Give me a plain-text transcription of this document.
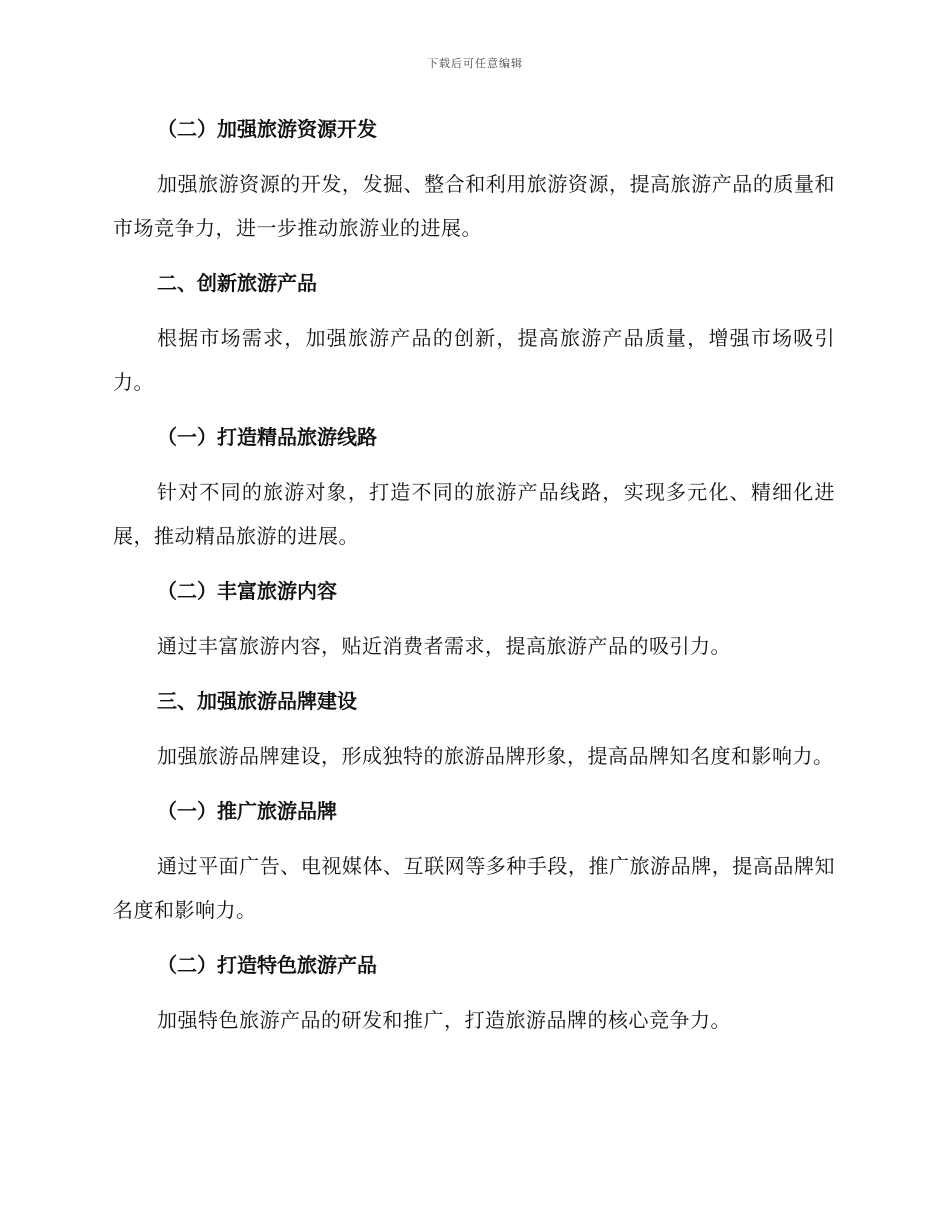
下载后可任意编辑
（二）加强旅游资源开发
加强旅游资源的开发，发掘、整合和利用旅游资源，提高旅游产品的质量和市场竞争力，进一步推动旅游业的进展。
二、创新旅游产品
根据市场需求，加强旅游产品的创新，提高旅游产品质量，增强市场吸引力。
（一）打造精品旅游线路
针对不同的旅游对象，打造不同的旅游产品线路，实现多元化、精细化进展，推动精品旅游的进展。
（二）丰富旅游内容
通过丰富旅游内容，贴近消费者需求，提高旅游产品的吸引力。
三、加强旅游品牌建设
加强旅游品牌建设，形成独特的旅游品牌形象，提高品牌知名度和影响力。
（一）推广旅游品牌
通过平面广告、电视媒体、互联网等多种手段，推广旅游品牌，提高品牌知名度和影响力。
（二）打造特色旅游产品
加强特色旅游产品的研发和推广，打造旅游品牌的核心竞争力。
